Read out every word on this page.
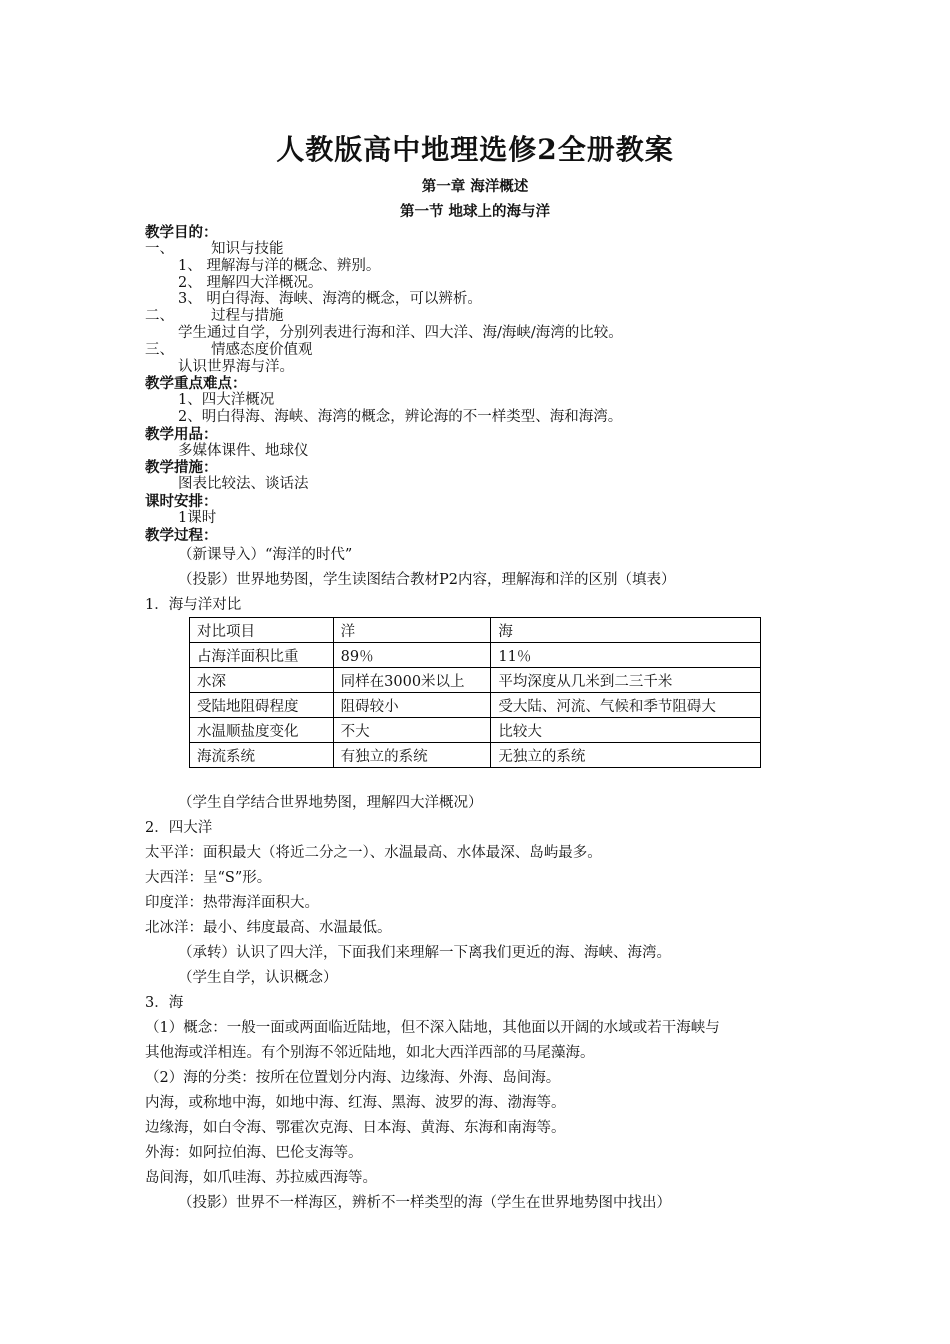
人教版高中地理选修2全册教案
第一章 海洋概述
第一节 地球上的海与洋
教学目的：
一、	知识与技能
1、 理解海与洋的概念、辨别。
2、 理解四大洋概况。
3、 明白得海、海峡、海湾的概念，可以辨析。
二、	过程与措施
学生通过自学，分别列表进行海和洋、四大洋、海/海峡/海湾的比较。
三、	情感态度价值观
认识世界海与洋。
教学重点难点：
1、四大洋概况
2、明白得海、海峡、海湾的概念，辨论海的不一样类型、海和海湾。
教学用品：
多媒体课件、地球仪
教学措施：
图表比较法、谈话法
课时安排：
1课时
教学过程：
（新课导入）“海洋的时代”
（投影）世界地势图，学生读图结合教材P2内容，理解海和洋的区别（填表）
1．海与洋对比
对比项目	洋	海
占海洋面积比重	89％	11％
水深	同样在3000米以上	平均深度从几米到二三千米
受陆地阻碍程度	阻碍较小	受大陆、河流、气候和季节阻碍大
水温顺盐度变化	不大	比较大
海流系统	有独立的系统	无独立的系统
（学生自学结合世界地势图，理解四大洋概况）
2．四大洋
太平洋：面积最大（将近二分之一）、水温最高、水体最深、岛屿最多。
大西洋：呈“S”形。
印度洋：热带海洋面积大。
北冰洋：最小、纬度最高、水温最低。
（承转）认识了四大洋，下面我们来理解一下离我们更近的海、海峡、海湾。
（学生自学，认识概念）
3．海
（1）概念：一般一面或两面临近陆地，但不深入陆地，其他面以开阔的水域或若干海峡与
其他海或洋相连。有个别海不邻近陆地，如北大西洋西部的马尾藻海。
（2）海的分类：按所在位置划分内海、边缘海、外海、岛间海。
内海，或称地中海，如地中海、红海、黑海、波罗的海、渤海等。
边缘海，如白令海、鄂霍次克海、日本海、黄海、东海和南海等。
外海：如阿拉伯海、巴伦支海等。
岛间海，如爪哇海、苏拉威西海等。
（投影）世界不一样海区，辨析不一样类型的海（学生在世界地势图中找出）
